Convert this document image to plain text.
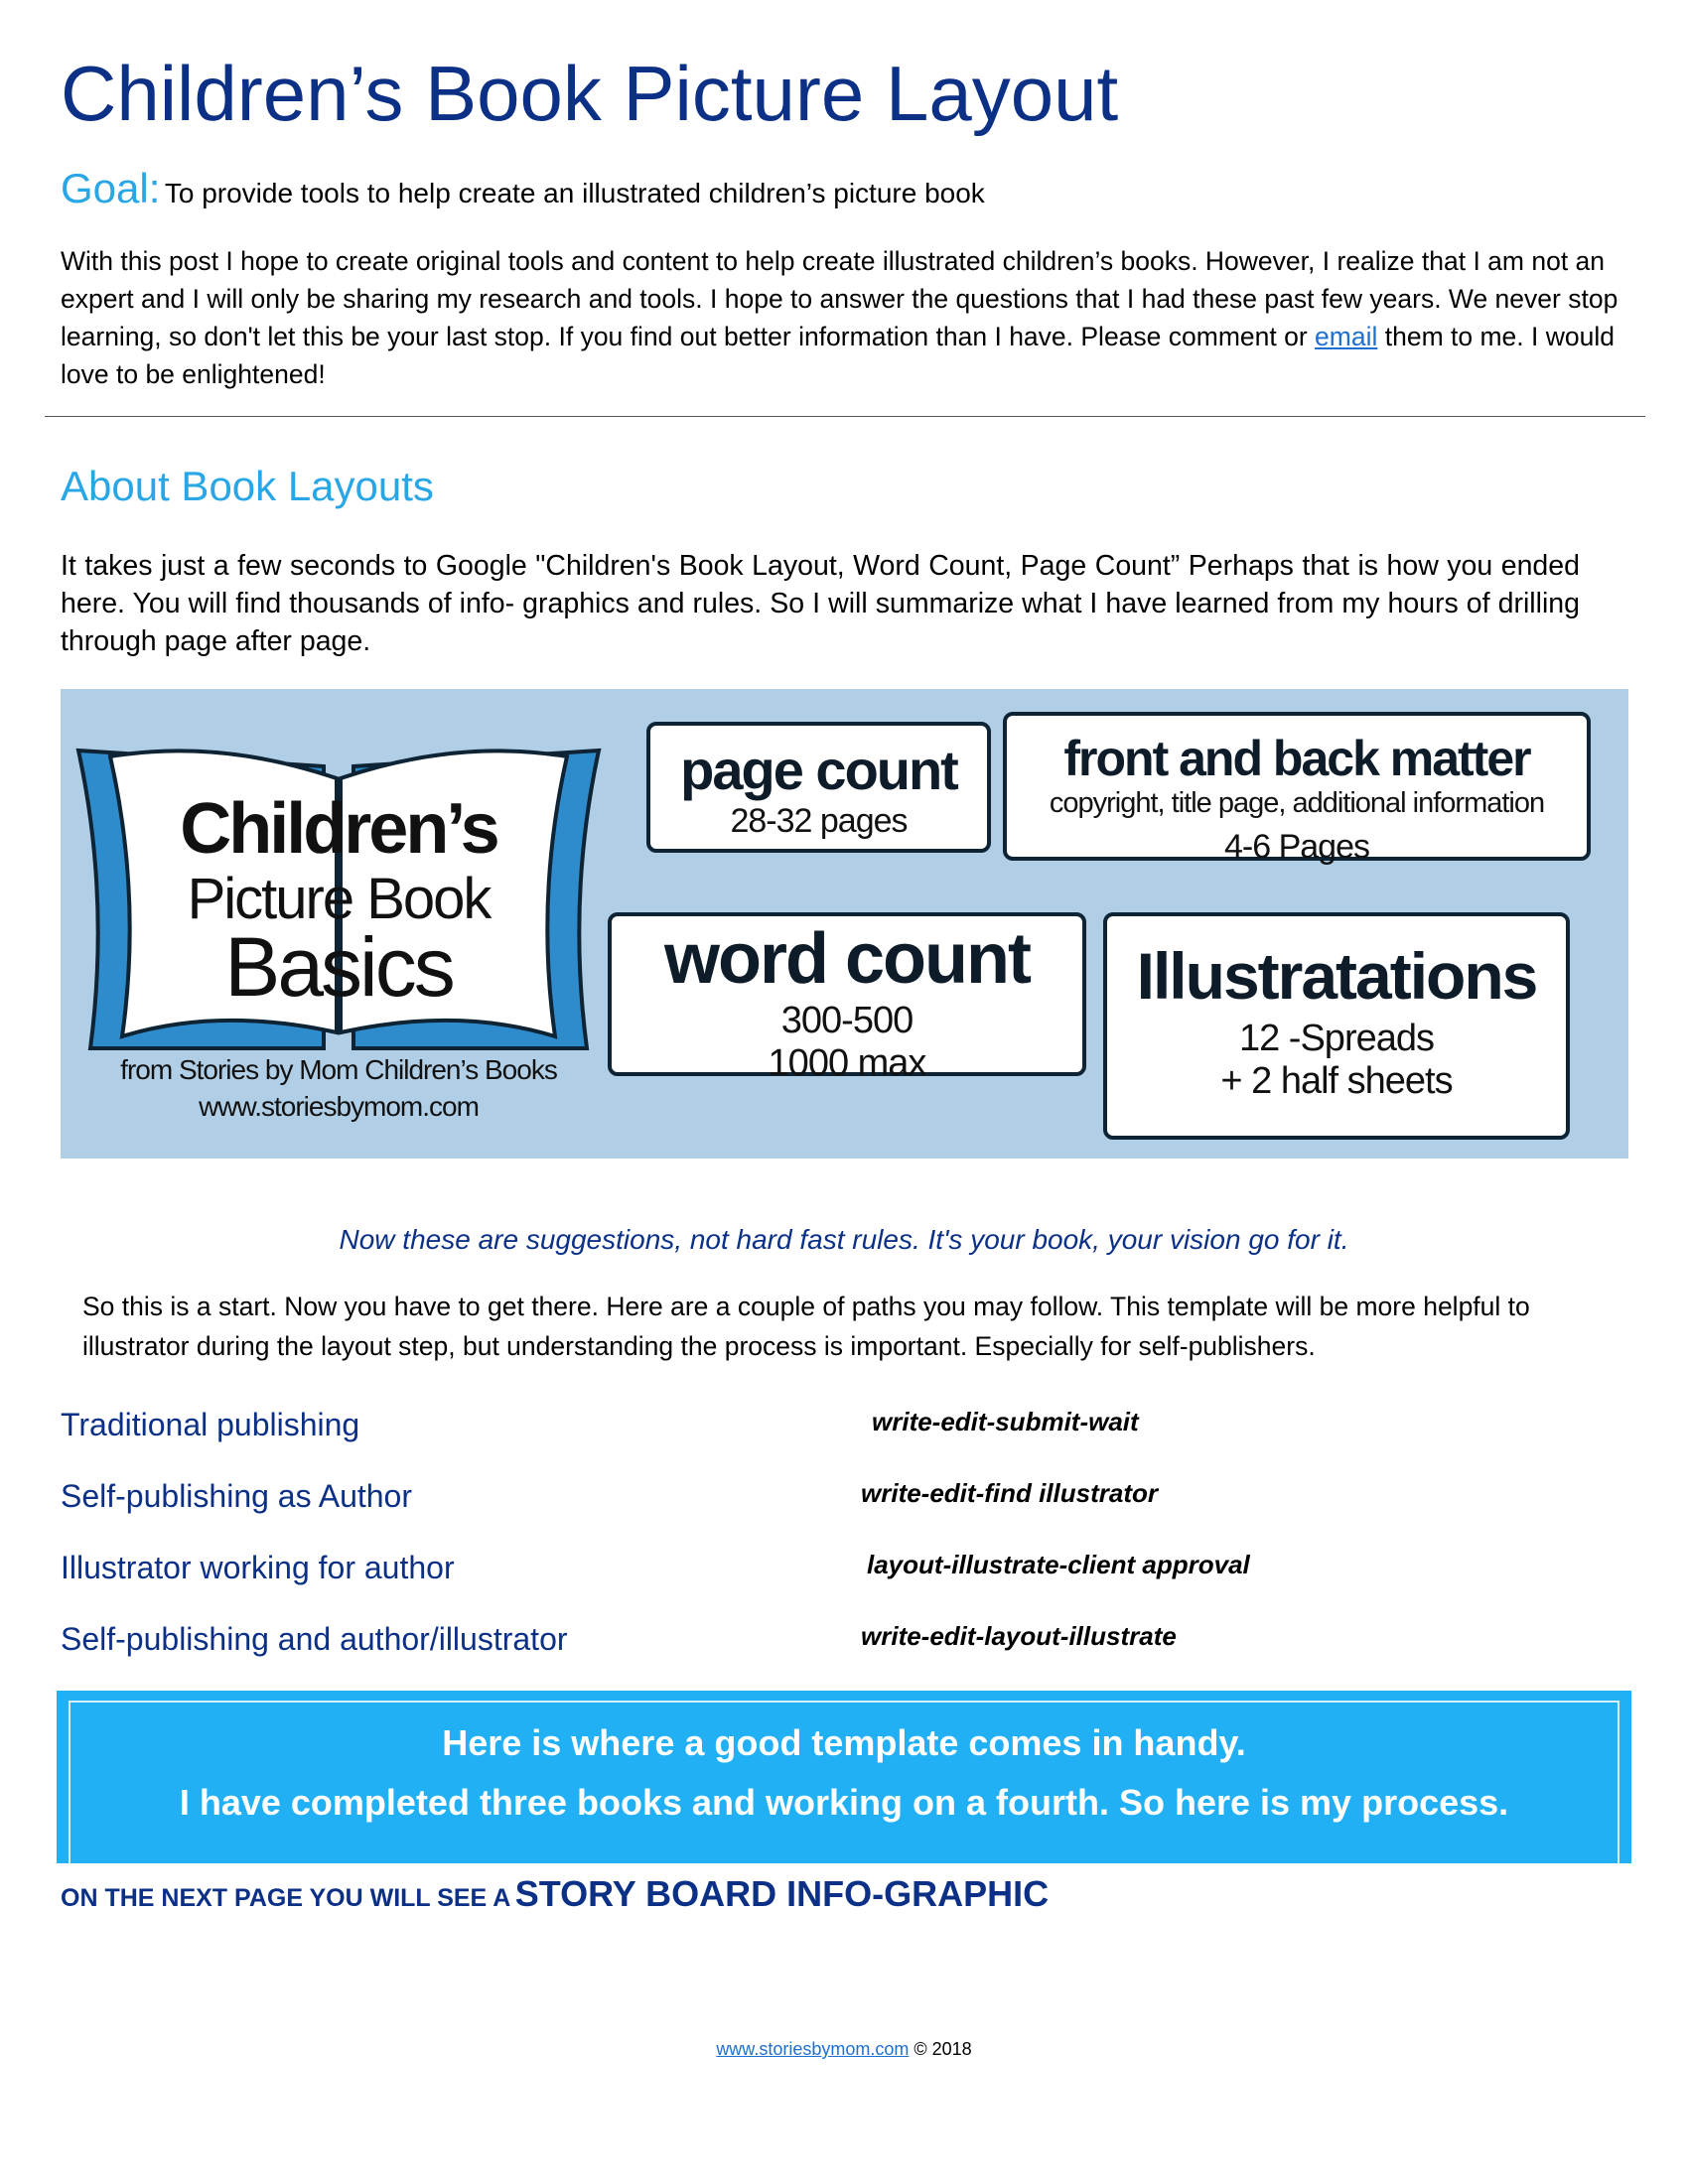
Children’s Book Picture Layout
Goal: To provide tools to help create an illustrated children’s picture book

With this post I hope to create original tools and content to help create illustrated children’s books. However, I realize that I am not an expert and I will only be sharing my research and tools. I hope to answer the questions that I had these past few years. We never stop learning, so don't let this be your last stop. If you find out better information than I have. Please comment or email them to me. I would love to be enlightened!

About Book Layouts

It takes just a few seconds to Google "Children's Book Layout, Word Count, Page Count” Perhaps that is how you ended here. You will find thousands of info- graphics and rules. So I will summarize what I have learned from my hours of drilling through page after page.

Children’s
Picture Book
Basics
from Stories by Mom Children’s Books
www.storiesbymom.com
page count
28-32 pages
front and back matter
copyright, title page, additional information
4-6 Pages
word count
300-500
1000 max
Illustratations
12 -Spreads
+ 2 half sheets

Now these are suggestions, not hard fast rules. It's your book, your vision go for it.

So this is a start. Now you have to get there. Here are a couple of paths you may follow. This template will be more helpful to illustrator during the layout step, but understanding the process is important. Especially for self-publishers.

Traditional publishing	write-edit-submit-wait
Self-publishing as Author	write-edit-find illustrator
Illustrator working for author	layout-illustrate-client approval
Self-publishing and author/illustrator	write-edit-layout-illustrate
Here is where a good template comes in handy.
I have completed three books and working on a fourth. So here is my process.
ON THE NEXT PAGE YOU WILL SEE A STORY BOARD INFO-GRAPHIC
www.storiesbymom.com © 2018
